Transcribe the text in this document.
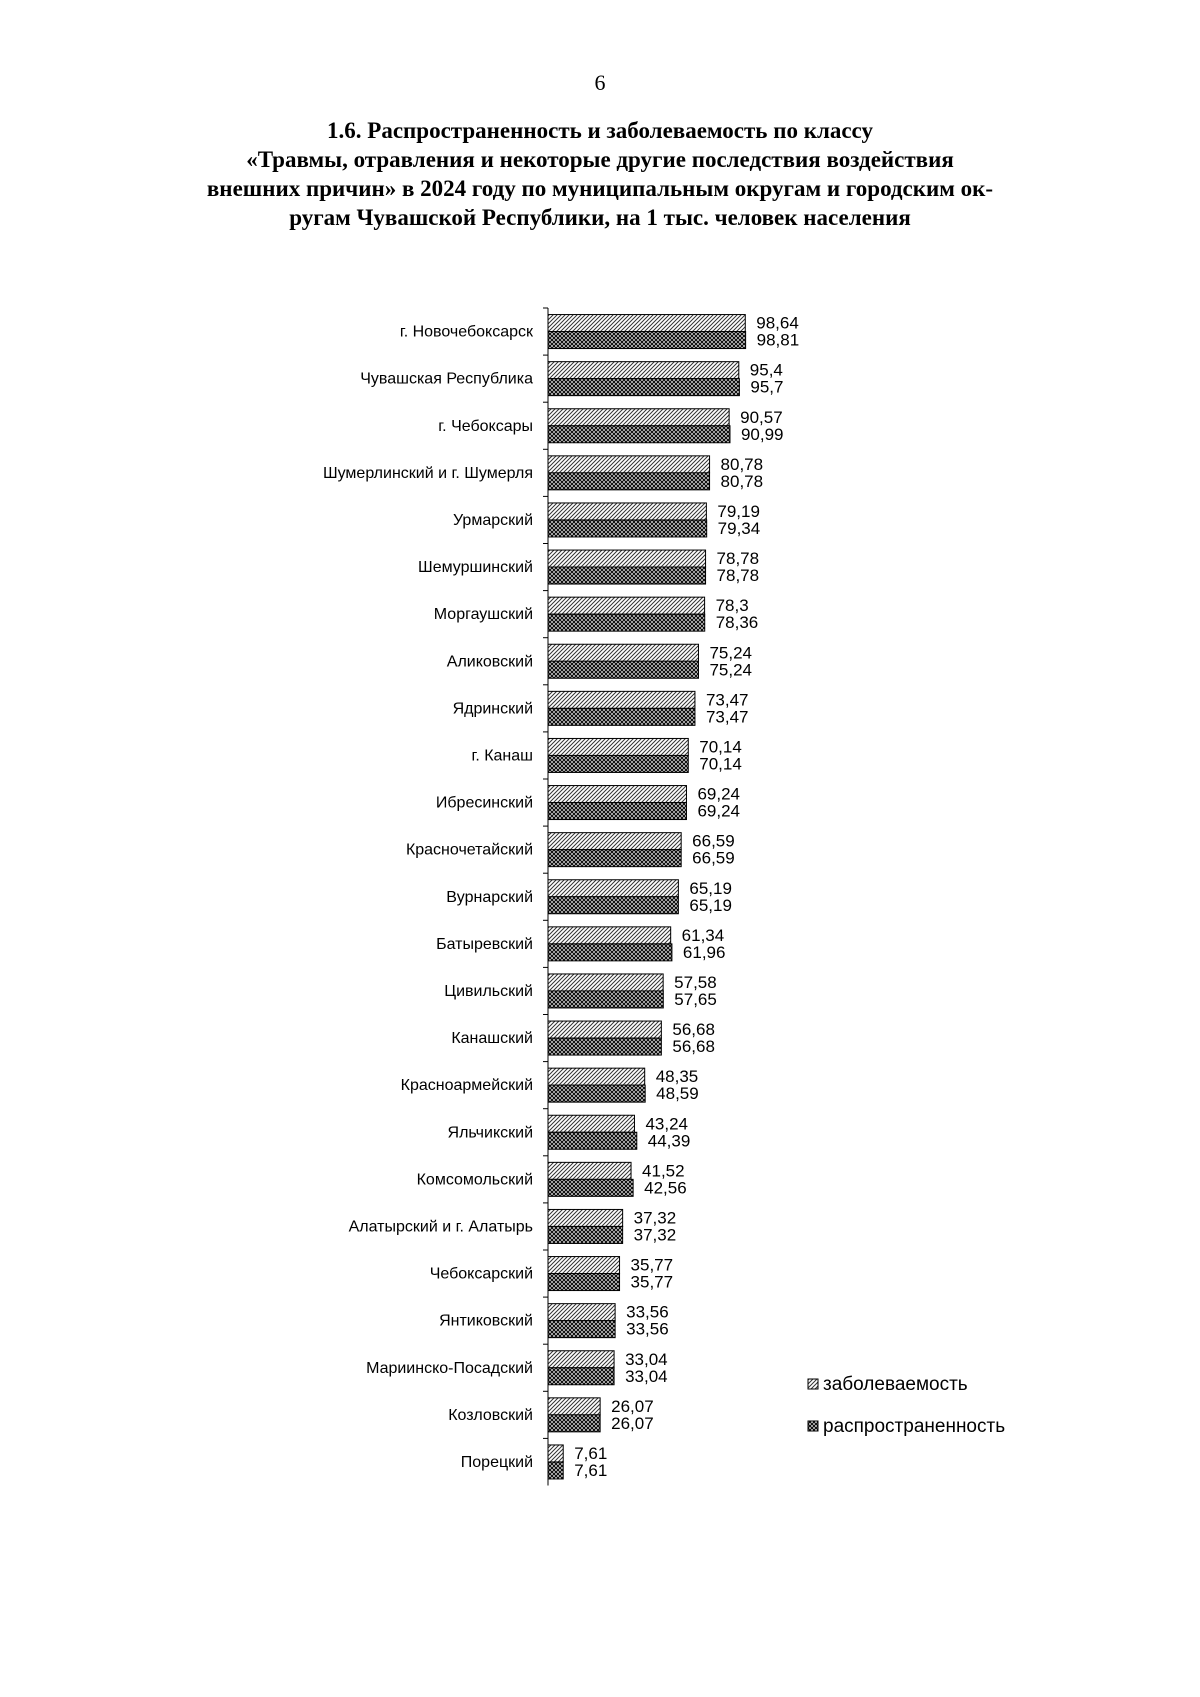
6
1.6. Распространенность и заболеваемость по классу
«Травмы, отравления и некоторые другие последствия воздействия
внешних причин» в 2024 году по муниципальным округам и городским ок-
ругам Чувашской Республики, на 1 тыс. человек населения
г. Новочебоксарск	98,64
98,81
Чувашская Республика	95,4
95,7
г. Чебоксары	90,57
90,99
Шумерлинский и г. Шумерля	80,78
80,78
Урмарский	79,19
79,34
Шемуршинский	78,78
78,78
Моргаушский	78,3
78,36
Аликовский	75,24
75,24
Ядринский	73,47
73,47
г. Канаш	70,14
70,14
Ибресинский	69,24
69,24
Красночетайский	66,59
66,59
Вурнарский	65,19
65,19
Батыревский	61,34
61,96
Цивильский	57,58
57,65
Канашский	56,68
56,68
Красноармейский	48,35
48,59
Яльчикский	43,24
44,39
Комсомольский	41,52
42,56
Алатырский и г. Алатырь	37,32
37,32
Чебоксарский	35,77
35,77
Янтиковский	33,56
33,56
Мариинско-Посадский	33,04
33,04
Козловский	26,07
26,07
Порецкий 7,61
7,61
заболеваемость
распространенность
